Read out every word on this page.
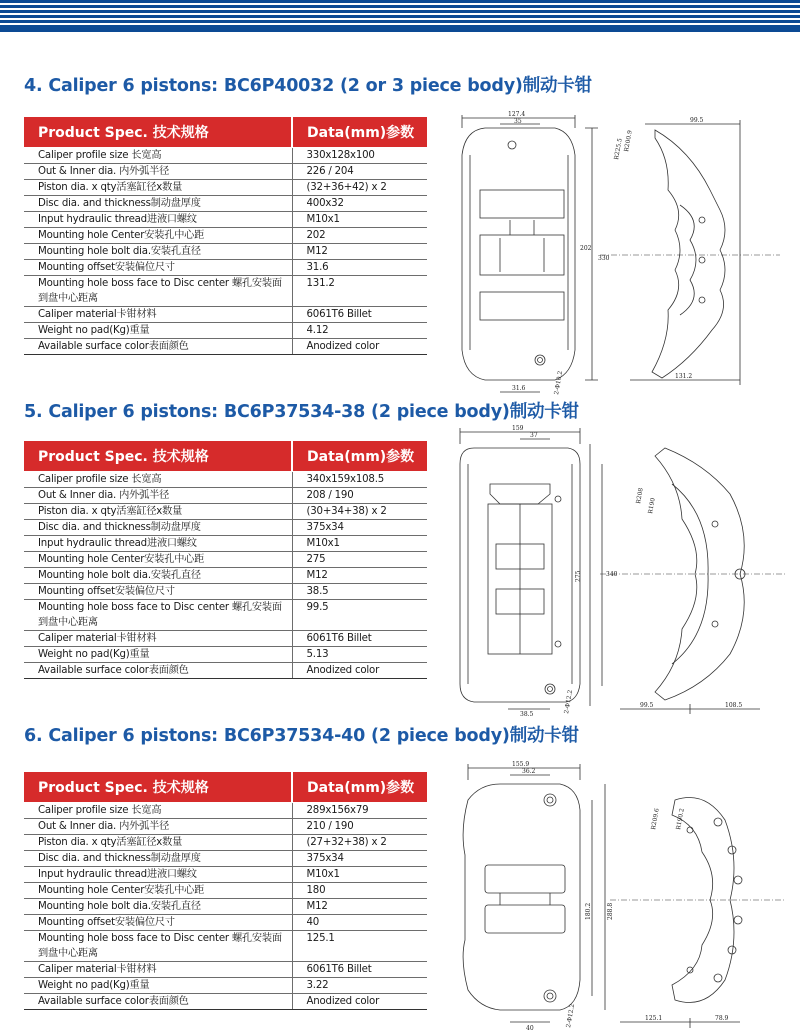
4. Caliper 6 pistons: BC6P40032 (2 or 3 piece body)制动卡钳
Product Spec. 技术规格	Data(mm)参数
Caliper profile size 长宽高	330x128x100
Out & Inner dia. 内外弧半径	226 / 204
Piston dia. x qty活塞缸径x数量	(32+36+42) x 2
Disc dia. and thickness制动盘厚度	400x32
Input hydraulic thread进液口螺纹	M10x1
Mounting hole Center安装孔中心距	202
Mounting hole bolt dia.安装孔直径	M12
Mounting offset安装偏位尺寸	31.6
Mounting hole boss face to Disc center 螺孔安装面到盘中心距离	131.2
Caliper material卡钳材料	6061T6 Billet
Weight no pad(Kg)重量	4.12
Available surface color表面颜色	Anodized color
127.4
35	99.5
R200.9
R225.5
330
202
31.6	2-Φ10.2	131.2
5. Caliper 6 pistons: BC6P37534-38 (2 piece body)制动卡钳
Product Spec. 技术规格	Data(mm)参数
Caliper profile size 长宽高	340x159x108.5
Out & Inner dia. 内外弧半径	208 / 190
Piston dia. x qty活塞缸径x数量	(30+34+38) x 2
Disc dia. and thickness制动盘厚度	375x34
Input hydraulic thread进液口螺纹	M10x1
Mounting hole Center安装孔中心距	275
Mounting hole bolt dia.安装孔直径	M12
Mounting offset安装偏位尺寸	38.5
Mounting hole boss face to Disc center 螺孔安装面到盘中心距离	99.5
Caliper material卡钳材料	6061T6 Billet
Weight no pad(Kg)重量	5.13
Available surface color表面颜色	Anodized color
159
37
R208
R190
340
275
38.5
2-Φ12.2	99.5	108.5
6. Caliper 6 pistons: BC6P37534-40 (2 piece body)制动卡钳
Product Spec. 技术规格	Data(mm)参数
Caliper profile size 长宽高	289x156x79
Out & Inner dia. 内外弧半径	210 / 190
Piston dia. x qty活塞缸径x数量	(27+32+38) x 2
Disc dia. and thickness制动盘厚度	375x34
Input hydraulic thread进液口螺纹	M10x1
Mounting hole Center安装孔中心距	180
Mounting hole bolt dia.安装孔直径	M12
Mounting offset安装偏位尺寸	40
Mounting hole boss face to Disc center 螺孔安装面到盘中心距离	125.1
Caliper material卡钳材料	6061T6 Billet
Weight no pad(Kg)重量	3.22
Available surface color表面颜色	Anodized color
155.9
36.2
R209.6 R190.2
180.2	288.8
40
2-Φ12.2	125.1	78.9
